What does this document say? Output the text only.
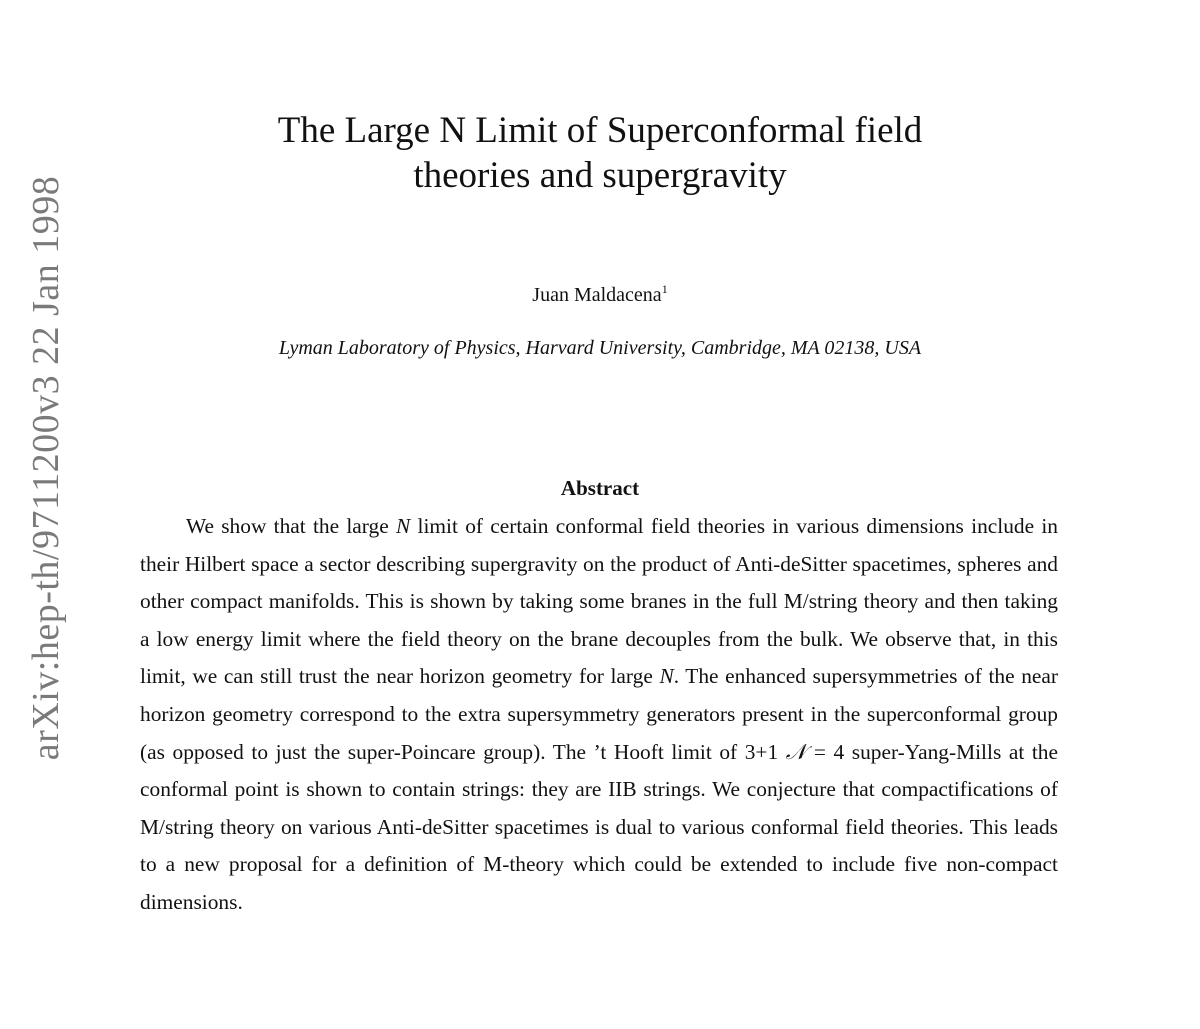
arXiv:hep-th/9711200v3 22 Jan 1998
The Large N Limit of Superconformal field
theories and supergravity
Juan Maldacena$^1$
Lyman Laboratory of Physics, Harvard University, Cambridge, MA 02138, USA
Abstract

We show that the large N limit of certain conformal field theories in various dimensions include in their Hilbert space a sector describing supergravity on the product of Anti-deSitter spacetimes, spheres and other compact manifolds. This is shown by taking some branes in the full M/string theory and then taking a low energy limit where the field theory on the brane decouples from the bulk. We observe that, in this limit, we can still trust the near horizon geometry for large N. The enhanced supersymmetries of the near horizon geometry correspond to the extra supersymmetry generators present in the superconformal group (as opposed to just the super-Poincare group). The ’t Hooft limit of 3+1 𝒩 = 4 super-Yang-Mills at the conformal point is shown to contain strings: they are IIB strings. We conjecture that compactifications of M/string theory on various Anti-deSitter spacetimes is dual to various conformal field theories. This leads to a new proposal for a definition of M-theory which could be extended to include five non-compact dimensions.
